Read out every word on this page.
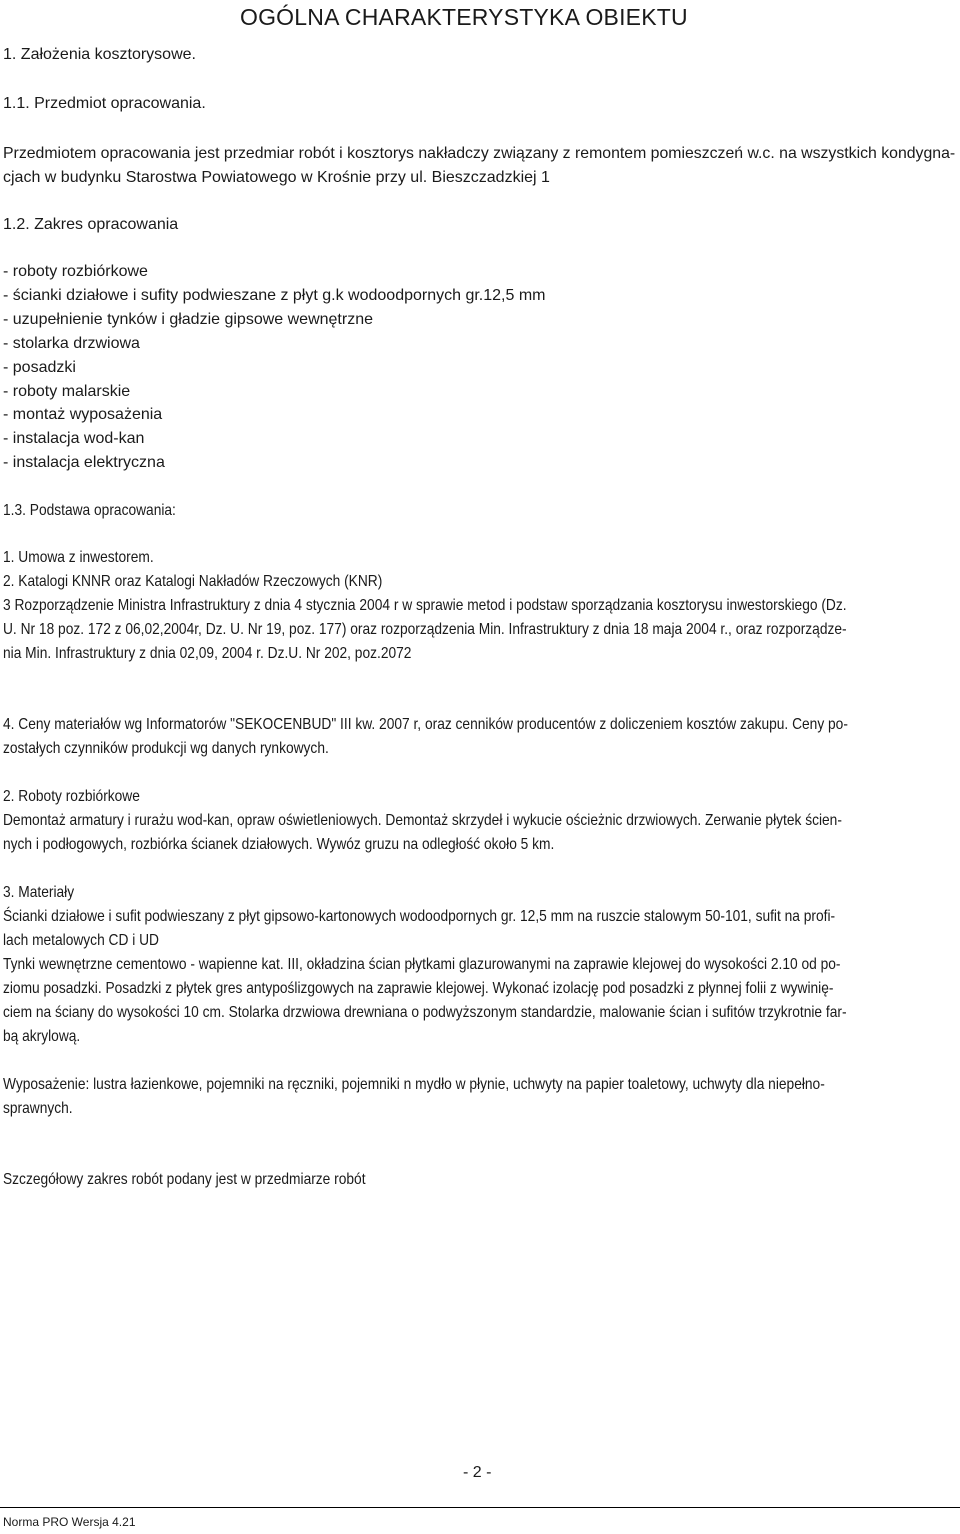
OGÓLNA CHARAKTERYSTYKA OBIEKTU
1. Założenia kosztorysowe.
1.1. Przedmiot opracowania.
Przedmiotem opracowania jest przedmiar robót i kosztorys nakładczy związany z remontem pomieszczeń w.c. na wszystkich kondygna-
cjach w budynku Starostwa Powiatowego w Krośnie przy ul. Bieszczadzkiej 1
1.2. Zakres opracowania
- roboty rozbiórkowe
- ścianki działowe i sufity podwieszane z płyt g.k wodoodpornych gr.12,5 mm
- uzupełnienie tynków i gładzie gipsowe wewnętrzne
- stolarka drzwiowa
- posadzki
- roboty malarskie
- montaż wyposażenia
- instalacja wod-kan
- instalacja elektryczna
1.3. Podstawa opracowania:
1. Umowa z inwestorem.
2. Katalogi KNNR oraz Katalogi Nakładów Rzeczowych (KNR)
3 Rozporządzenie Ministra Infrastruktury z dnia 4 stycznia 2004 r w sprawie metod i podstaw sporządzania kosztorysu inwestorskiego (Dz.
U. Nr 18 poz. 172 z 06,02,2004r, Dz. U. Nr 19, poz. 177) oraz rozporządzenia Min. Infrastruktury z dnia 18 maja 2004 r., oraz rozporządze-
nia Min. Infrastruktury z dnia 02,09, 2004 r. Dz.U. Nr 202, poz.2072
4. Ceny materiałów wg Informatorów "SEKOCENBUD" III kw. 2007 r, oraz cenników producentów z doliczeniem kosztów zakupu. Ceny po-
zostałych czynników produkcji wg danych rynkowych.
2. Roboty rozbiórkowe
Demontaż armatury i rurażu wod-kan, opraw oświetleniowych. Demontaż skrzydeł i wykucie ościeżnic drzwiowych. Zerwanie płytek ścien-
nych i podłogowych, rozbiórka ścianek działowych. Wywóz gruzu na odległość około 5 km.
3. Materiały
Ścianki działowe i sufit podwieszany z płyt gipsowo-kartonowych wodoodpornych gr. 12,5 mm na ruszcie stalowym 50-101, sufit na profi-
lach metalowych CD i UD
Tynki wewnętrzne cementowo - wapienne kat. III, okładzina ścian płytkami glazurowanymi na zaprawie klejowej do wysokości 2.10 od po-
ziomu posadzki. Posadzki z płytek gres antypoślizgowych na zaprawie klejowej. Wykonać izolację pod posadzki z płynnej folii z wywinię-
ciem na ściany do wysokości 10 cm. Stolarka drzwiowa drewniana o podwyższonym standardzie, malowanie ścian i sufitów trzykrotnie far-
bą akrylową.
Wyposażenie: lustra łazienkowe, pojemniki na ręczniki, pojemniki n mydło w płynie, uchwyty na papier toaletowy, uchwyty dla niepełno-
sprawnych.
Szczegółowy zakres robót podany jest w przedmiarze robót
- 2 -
Norma PRO Wersja 4.21
